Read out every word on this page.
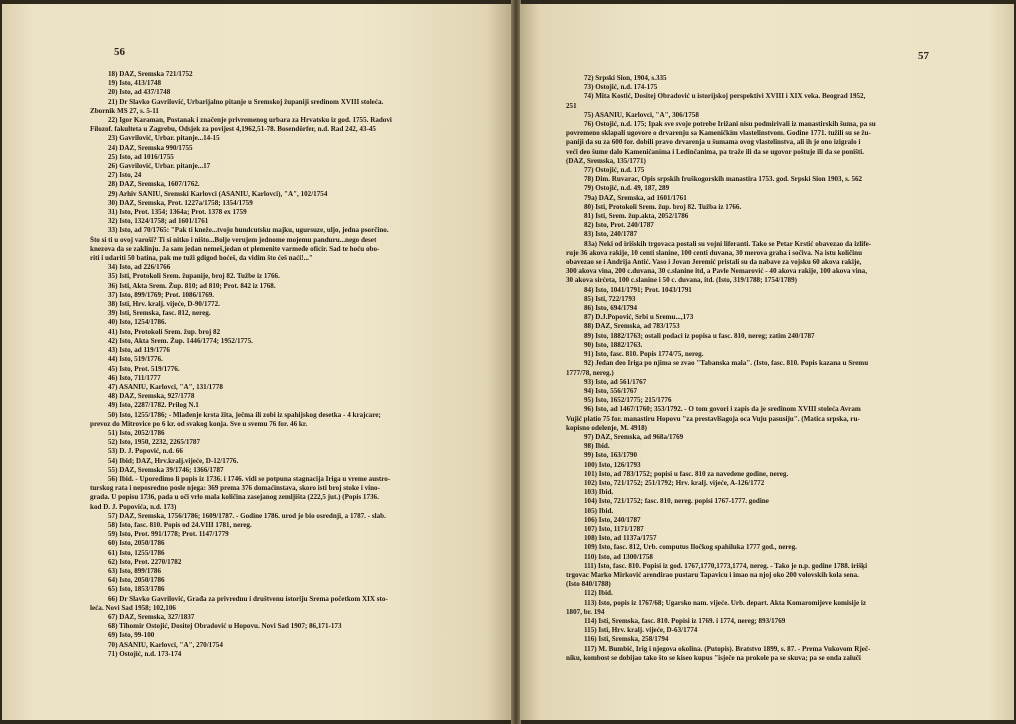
56
18) DAZ, Sremska 721/1752
19) Isto, 413/1748
20) Isto, ad 437/1748
21) Dr Slavko Gavrilović, Urbarijalno pitanje u Sremskoj županiji sredinom XVIII stoleća.
Zbornik MS 27, s. 5-11
22) Igor Karaman, Postanak i značenje privremenog urbara za Hrvatsku iz god. 1755. Radovi
Filozof. fakulteta u Zagrebu, Odsjek za povijest 4,1962,51-78. Bosendörfer, n.d. Rad 242, 43-45
23) Gavrilović, Urbar. pitanje...14-15
24) DAZ, Sremska 990/1755
25) Isto, ad 1016/1755
26) Gavrilović, Urbar. pitanje...17
27) Isto, 24
28) DAZ, Sremska, 1607/1762.
29) Arhiv SANIU, Sremski Karlovci (ASANIU, Karlovci), "A", 102/1754
30) DAZ, Sremska, Prot. 1227a/1758; 1354/1759
31) Isto, Prot. 1354; 1364a; Prot. 1378 ex 1759
32) Isto, 1324/1758; ad 1601/1761
33) Isto, ad 70/1765: "Pak ti kneže...tvoju hundcutsku majku, ugursuze, uljo, jedna psorčino.
Što si ti u ovoj varoši? Ti si nitko i ništo...Bolje verujem jednome mojemu panduru...nego deset
knezova da se zaklinju. Ja sam jedan nemeš,jedan ot plemenite varmeđe oficir. Sad te hoću obo-
riti i udariti 50 batina, pak me tuži gdigod hoćeš, da vidim što ćeš naći!..."
34) Isto, ad 226/1766
35) Isti, Protokoli Srem. županije, broj 82. Tužbe iz 1766.
36) Isti, Akta Srem. Žup. 810; ad 810; Prot. 842 iz 1768.
37) Isto, 899/1769; Prot. 1086/1769.
38) Isti, Hrv. kralj. vijeće, D-90/1772.
39) Isti, Sremska, fasc. 812, nereg.
40) Isto, 1254/1786.
41) Isto, Protokoli Srem. žup. broj 82
42) Isto, Akta Srem. Žup. 1446/1774; 1952/1775.
43) Isto, ad 119/1776
44) Isto, 519/1776.
45) Isto, Prot. 519/1776.
46) Isto, 711/1777
47) ASANIU, Karlovci, "A", 131/1778
48) DAZ, Sremska, 927/1778
49) Isto, 2287/1782. Prilog N.1
50) Isto, 1255/1786; - Mlađenje krsta žita, ječma ili zobi iz spahijskog desetka - 4 krajcare;
prevoz do Mitrovice po 6 kr. od svakog konja. Sve u svemu 76 for. 46 kr.
51) Isto, 2052/1786
52) Isto, 1950, 2232, 2265/1787
53) D. J. Popović, n.d. 66
54) Ibid; DAZ, Hrv.kralj.vijeće, D-12/1776.
55) DAZ, Sremska 39/1746; 1366/1787
56) Ibid. - Uporedimo li popis iz 1736. i 1746. vidi se potpuna stagnacija Iriga u vreme austro-
turskog rata i neposredno posle njega: 369 prema 376 domaćinstava, skoro isti broj stoke i vino-
grada. U popisu 1736, pada u oči vrlo mala količina zasejanog zemljišta (222,5 jut.) (Popis 1736.
kod D. J. Popovića, n.d. 173)
57) DAZ, Sremska, 1756/1786; 1609/1787. - Godine 1786. urod je bio osrednji, a 1787. - slab.
58) Isto, fasc. 810. Popis od 24.VIII 1781, nereg.
59) Isto, Prot. 991/1778; Prot. 1147/1779
60) Isto, 2050/1786
61) Isto, 1255/1786
62) Isto, Prot. 2270/1782
63) Isto, 899/1786
64) Isto, 2050/1786
65) Isto, 1853/1786
66) Dr Slavko Gavrilović, Građa za privrednu i društvenu istoriju Srema početkom XIX sto-
leća. Novi Sad 1958; 102,106
67) DAZ, Sremska, 327/1837
68) Tihomir Ostojić, Dositej Obradović u Hopovu. Novi Sad 1907; 86,171-173
69) Isto, 99-100
70) ASANIU, Karlovci, "A", 270/1754
71) Ostojić, n.d. 173-174
57
72) Srpski Sion, 1904, s.335
73) Ostojić, n.d. 174-175
74) Mita Kostić, Dositej Obradović u istorijskoj perspektivi XVIII i XIX veka. Beograd 1952,
251
75) ASANIU, Karlovci, "A", 306/1758
76) Ostojić, n.d. 175; Ipak sve svoje potrebe Irižani nisu podmirivali iz manastirskih šuma, pa su
povremeno sklapali ugovore o drvarenju sa Kameničkim vlastelinstvom. Godine 1771. tužili su se žu-
paniji da su za 600 for. dobili pravo drvarenja u šumama ovog vlastelinstva, ali ih je ono izigralo i
veći deo šume dalo Kameničanima i Ledinčanima, pa traže ili da se ugovor poštuje ili da se poništi.
(DAZ, Sremska, 135/1771)
77) Ostojić, n.d. 175
78) Dim. Ruvarac, Opis srpskih fruškogorskih manastira 1753. god. Srpski Sion 1903, s. 562
79) Ostojić, n.d. 49, 187, 289
79a) DAZ, Sremska, ad 1601/1761
80) Isti, Protokoli Srem. žup. broj 82. Tužba iz 1766.
81) Isti, Srem. žup.akta, 2052/1786
82) Isto, Prot. 240/1787
83) Isto, 240/1787
83a) Neki od irišskih trgovaca postali su vojni liferanti. Tako se Petar Krstić obavezao da izlife-
ruje 36 akova rakije, 10 centi slanine, 100 centi duvana, 30 merova graha i sočiva. Na istu količinu
obavezao se i Andrija Antić. Vaso i Jovan Jeremić pristali su da nabave za vojsku 60 akova rakije,
300 akova vina, 200 c.duvana, 30 c.slanine itd, a Pavle Nemarović - 40 akova rakije, 100 akova vina,
30 akova sirćeta, 100 c.slanine i 50 c. duvana, itd. (Isto, 319/1788; 1754/1789)
84) Isto, 1041/1791; Prot. 1043/1791
85) Isti, 722/1793
86) Isto, 694/1794
87) D.J.Popović, Srbi u Sremu...,173
88) DAZ, Sremska, ad 783/1753
89) Isto, 1882/1763; ostali podaci iz popisa u fasc. 810, nereg; zatim 240/1787
90) Isto, 1882/1763.
91) Isto, fasc. 810. Popis 1774/75, nereg.
92) Jedan deo Iriga po njima se zvao "Tabanska mala". (Isto, fasc. 810. Popis kazana u Sremu
1777/78, nereg.)
93) Isto, ad 561/1767
94) Isto, 556/1767
95) Isto, 1652/1775; 215/1776
96) Isto, ad 1467/1760; 353/1792. - O tom govori i zapis da je sredinom XVIII stoleća Avram
Vujić platio 75 for. manastiru Hopovu "za prestavlšagoja oca Vuju pasusiju". (Matica srpska, ru-
kopisno odelenje, M. 4918)
97) DAZ, Sremska, ad 968a/1769
98) Ibid.
99) Isto, 163/1790
100) Isto, 126/1793
101) Isto, ad 783/1752; popisi u fasc. 810 za navedene godine, nereg.
102) Isto, 721/1752; 251/1792; Hrv. kralj. vijeće, A-126/1772
103) Ibid.
104) Isto, 721/1752; fasc. 810, nereg. popisi 1767-1777. godine
105) Ibid.
106) Isto, 240/1787
107) Isto, 1171/1787
108) Isto, ad 1137a/1757
109) Isto, fasc. 812, Urb. computus Iločkog spahiluka 1777 god., nereg.
110) Isto, ad 1300/1758
111) Isto, fasc. 810. Popisi iz god. 1767,1770,1773,1774, nereg. - Tako je n.p. godine 1788. irišķi
trgovac Marko Mirković arendirao pustaru Tapavicu i imao na njoj oko 200 volovskih kola sena.
(Isto 840/1788)
112) Ibid.
113) Isto, popis iz 1767/68; Ugarsko nam. vijeće. Urb. depart. Akta Komaromijeve komisije iz
1807, br. 194
114) Isti, Sremska, fasc. 810. Popisi iz 1769. i 1774, nereg; 893/1769
115) Isti, Hrv. kralj. vijeće, D-63/1774
116) Isti, Sremska, 258/1794
117) M. Bumbić, Irig i njegova okolina. (Putopis). Bratstvo 1899, s. 87. - Prema Vukovom Rječ-
niku, kombost se dobijao tako što se kiseo kupus "isječe na prokole pa se skuva; pa se onda zaluči
